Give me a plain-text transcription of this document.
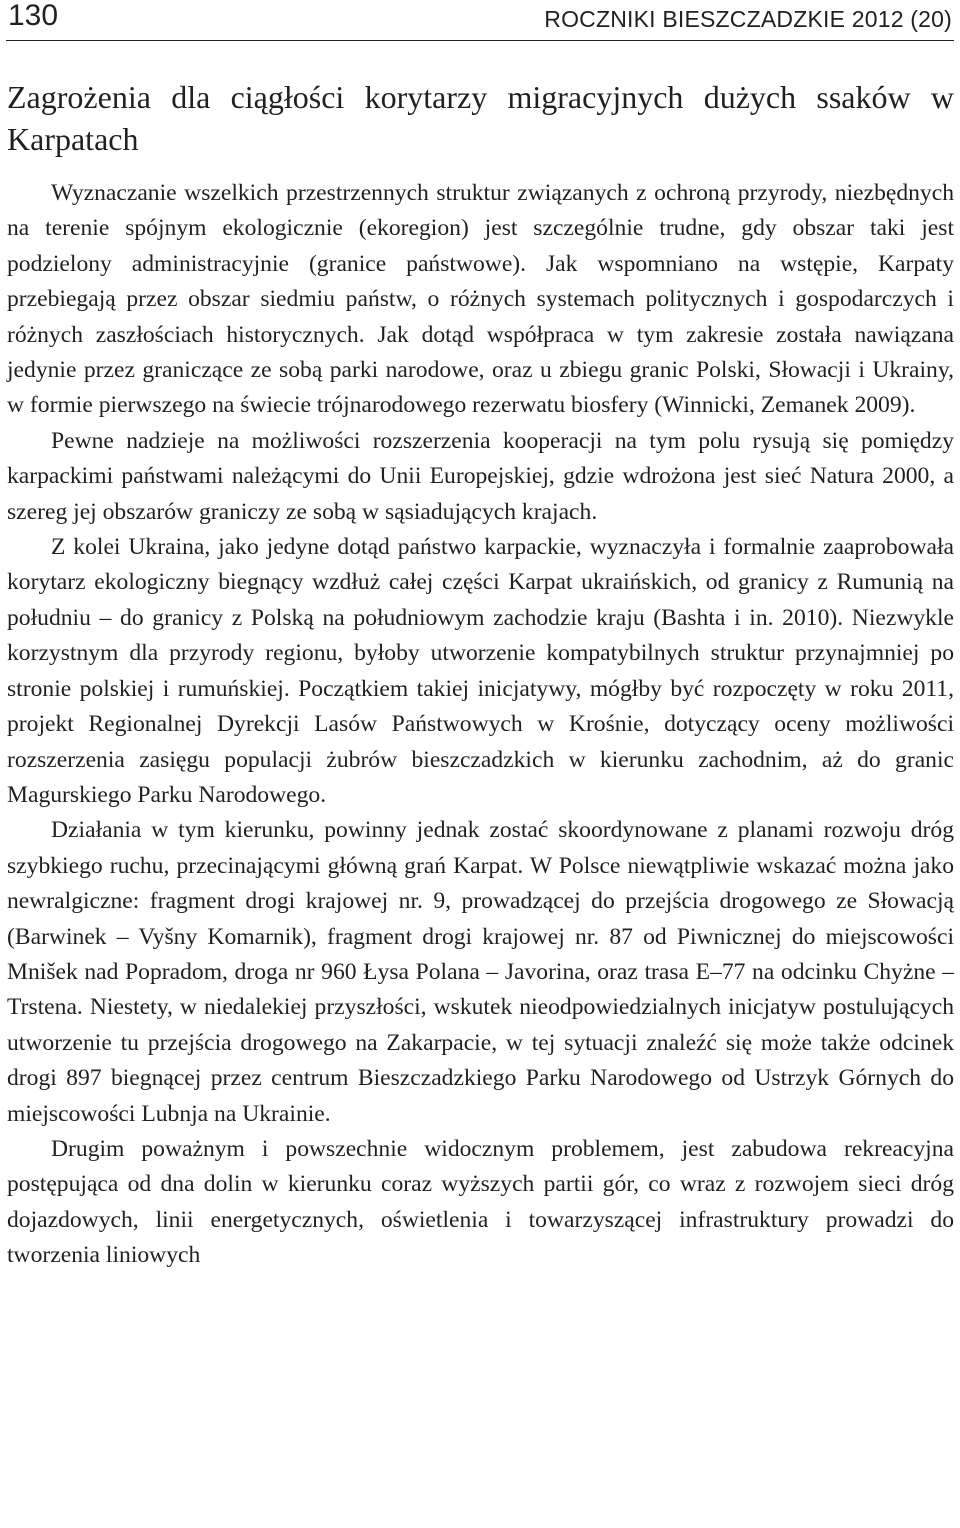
130	ROCZNIKI BIESZCZADZKIE 2012 (20)
Zagrożenia dla ciągłości korytarzy migracyjnych dużych ssaków w Karpatach

Wyznaczanie wszelkich przestrzennych struktur związanych z ochroną przyrody, niezbędnych na terenie spójnym ekologicznie (ekoregion) jest szczególnie trudne, gdy obszar taki jest podzielony administracyjnie (granice państwowe). Jak wspomniano na wstępie, Karpaty przebiegają przez obszar siedmiu państw, o różnych systemach politycznych i gospodarczych i różnych zaszłościach historycznych. Jak dotąd współpraca w tym zakresie została nawiązana jedynie przez graniczące ze sobą parki narodowe, oraz u zbiegu granic Polski, Słowacji i Ukrainy, w formie pierwszego na świecie trójnarodowego rezerwatu biosfery (Winnicki, Zemanek 2009).

Pewne nadzieje na możliwości rozszerzenia kooperacji na tym polu rysują się pomiędzy karpackimi państwami należącymi do Unii Europejskiej, gdzie wdrożona jest sieć Natura 2000, a szereg jej obszarów graniczy ze sobą w sąsiadujących krajach.

Z kolei Ukraina, jako jedyne dotąd państwo karpackie, wyznaczyła i formalnie zaaprobowała korytarz ekologiczny biegnący wzdłuż całej części Karpat ukraińskich, od granicy z Rumunią na południu – do granicy z Polską na południowym zachodzie kraju (Bashta i in. 2010). Niezwykle korzystnym dla przyrody regionu, byłoby utworzenie kompatybilnych struktur przynajmniej po stronie polskiej i rumuńskiej. Początkiem takiej inicjatywy, mógłby być rozpoczęty w roku 2011, projekt Regionalnej Dyrekcji Lasów Państwowych w Krośnie, dotyczący oceny możliwości rozszerzenia zasięgu populacji żubrów bieszczadzkich w kierunku zachodnim, aż do granic Magurskiego Parku Narodowego.

Działania w tym kierunku, powinny jednak zostać skoordynowane z planami rozwoju dróg szybkiego ruchu, przecinającymi główną grań Karpat. W Polsce niewątpliwie wskazać można jako newralgiczne: fragment drogi krajowej nr. 9, prowadzącej do przejścia drogowego ze Słowacją (Barwinek – Vyšny Komarnik), fragment drogi krajowej nr. 87 od Piwnicznej do miejscowości Mnišek nad Popradom, droga nr 960 Łysa Polana – Javorina, oraz trasa E–77 na odcinku Chyżne – Trstena. Niestety, w niedalekiej przyszłości, wskutek nieodpowiedzialnych inicjatyw postulujących utworzenie tu przejścia drogowego na Zakarpacie, w tej sytuacji znaleźć się może także odcinek drogi 897 biegnącej przez centrum Bieszczadzkiego Parku Narodowego od Ustrzyk Górnych do miejscowości Lubnja na Ukrainie.

Drugim poważnym i powszechnie widocznym problemem, jest zabudowa rekreacyjna postępująca od dna dolin w kierunku coraz wyższych partii gór, co wraz z rozwojem sieci dróg dojazdowych, linii energetycznych, oświetlenia i towarzyszącej infrastruktury prowadzi do tworzenia liniowych
